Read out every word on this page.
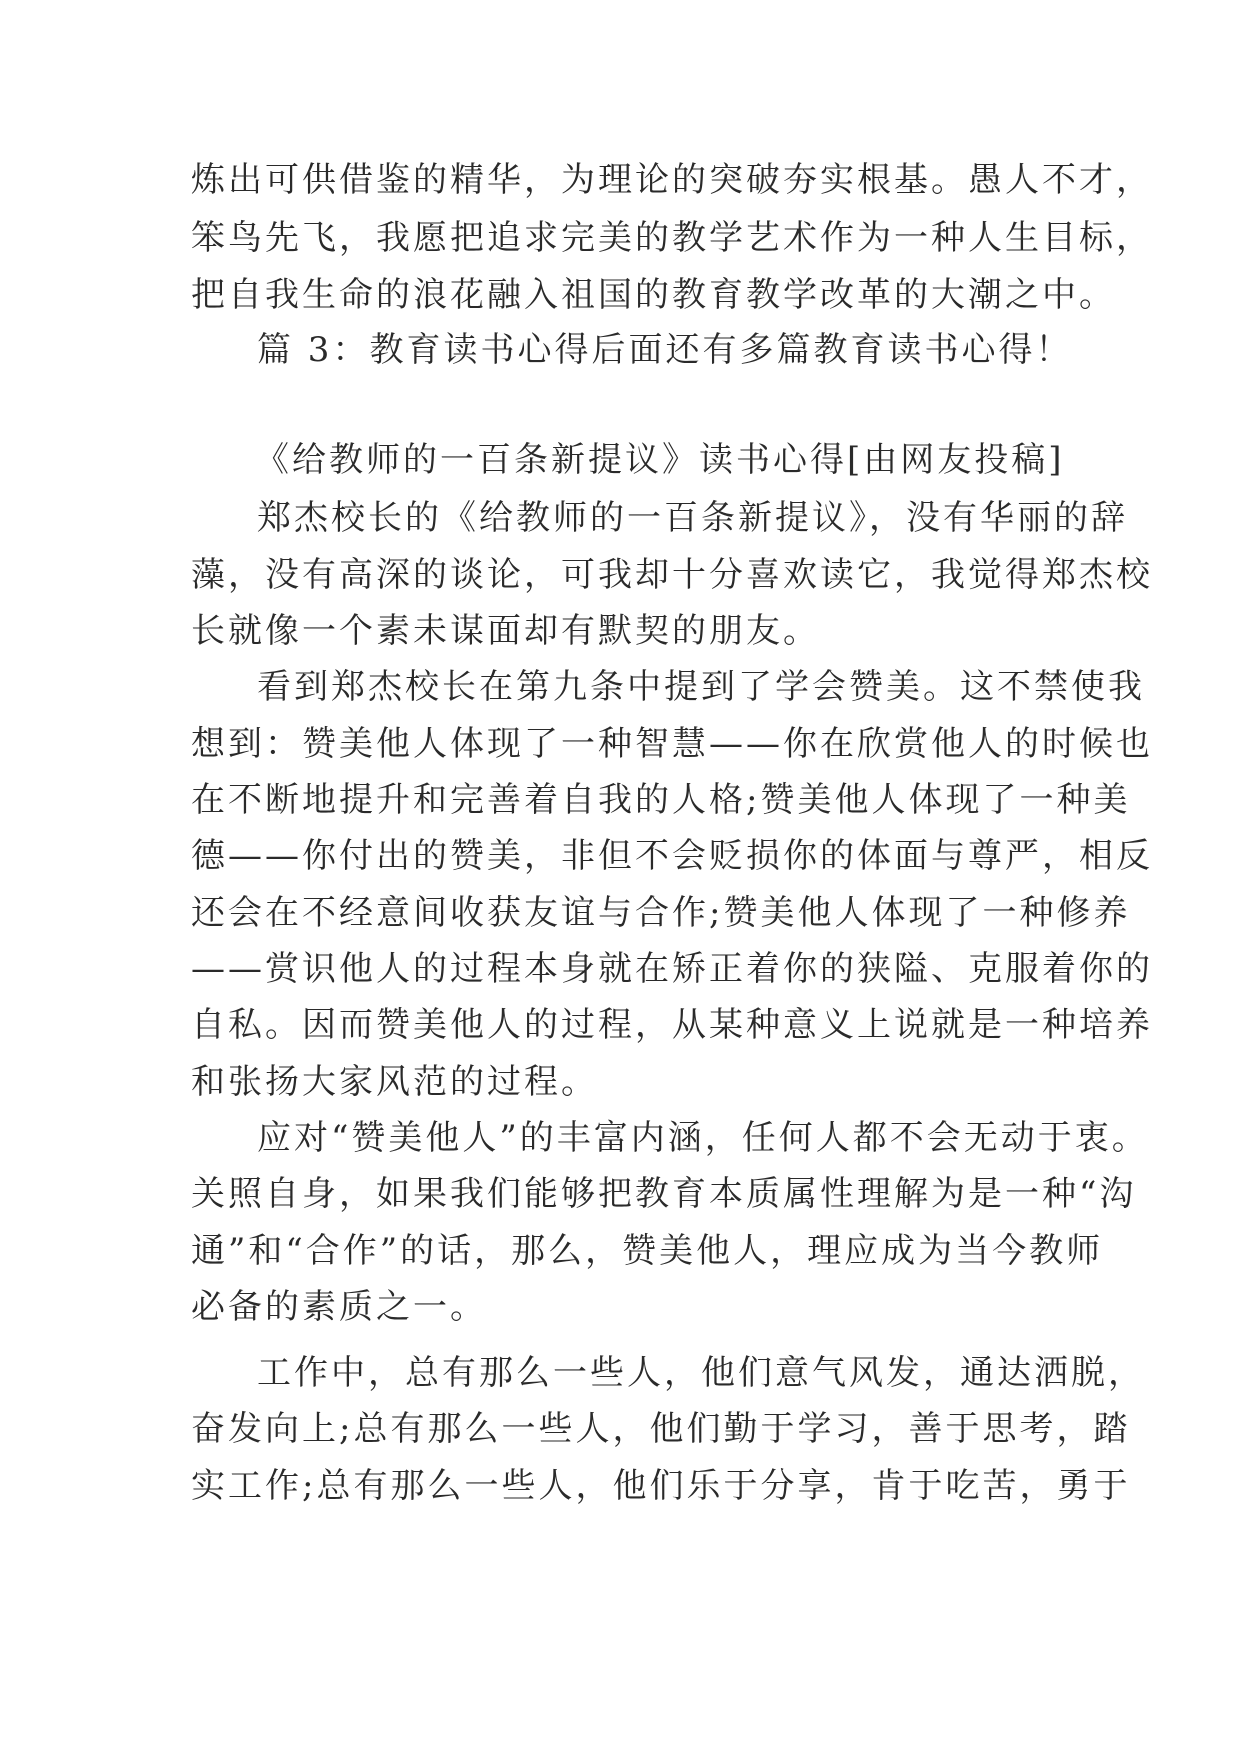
炼出可供借鉴的精华，为理论的突破夯实根基。愚人不才，
笨鸟先飞，我愿把追求完美的教学艺术作为一种人生目标，
把自我生命的浪花融入祖国的教育教学改革的大潮之中。
篇 3：教育读书心得后面还有多篇教育读书心得！
《给教师的一百条新提议》读书心得[由网友投稿]
郑杰校长的《给教师的一百条新提议》，没有华丽的辞
藻，没有高深的谈论，可我却十分喜欢读它，我觉得郑杰校
长就像一个素未谋面却有默契的朋友。
看到郑杰校长在第九条中提到了学会赞美。这不禁使我
想到：赞美他人体现了一种智慧——你在欣赏他人的时候也
在不断地提升和完善着自我的人格;赞美他人体现了一种美
德——你付出的赞美，非但不会贬损你的体面与尊严，相反
还会在不经意间收获友谊与合作;赞美他人体现了一种修养
——赏识他人的过程本身就在矫正着你的狭隘、克服着你的
自私。因而赞美他人的过程，从某种意义上说就是一种培养
和张扬大家风范的过程。
应对“赞美他人”的丰富内涵，任何人都不会无动于衷。
关照自身，如果我们能够把教育本质属性理解为是一种“沟
通”和“合作”的话，那么，赞美他人，理应成为当今教师
必备的素质之一。
工作中，总有那么一些人，他们意气风发，通达洒脱，
奋发向上;总有那么一些人，他们勤于学习，善于思考，踏
实工作;总有那么一些人，他们乐于分享，肯于吃苦，勇于
